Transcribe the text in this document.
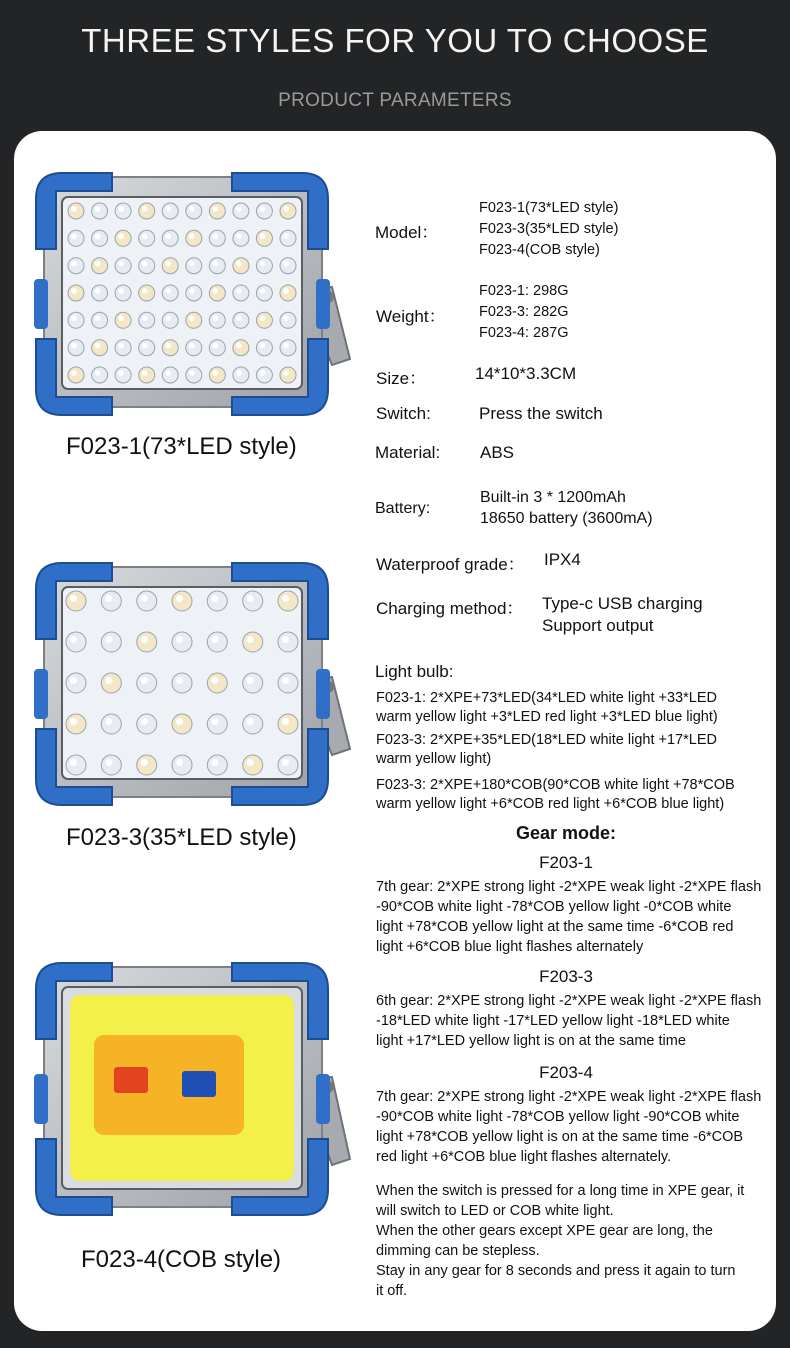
THREE STYLES FOR YOU TO CHOOSE
PRODUCT PARAMETERS
F023-1(73*LED style)
F023-3(35*LED style)
F023-4(COB style)
Model：
F023-1(73*LED style)
F023-3(35*LED style)
F023-4(COB style)
Weight：
F023-1: 298G
F023-3: 282G
F023-4: 287G
Size：	14*10*3.3CM
Switch:	Press the switch
Material: ABS
Battery:
Built-in 3 * 1200mAh
18650 battery (3600mA)
Waterproof grade： IPX4
Charging method： Type-c USB charging
Support output
Light bulb:
F023-1: 2*XPE+73*LED(34*LED white light +33*LED
warm yellow light +3*LED red light +3*LED blue light)
F023-3: 2*XPE+35*LED(18*LED white light +17*LED
warm yellow light)
F023-3: 2*XPE+180*COB(90*COB white light +78*COB
warm yellow light +6*COB red light +6*COB blue light)
Gear mode:
F203-1
7th gear: 2*XPE strong light -2*XPE weak light -2*XPE flash
-90*COB white light -78*COB yellow light -0*COB white
light +78*COB yellow light at the same time -6*COB red
light +6*COB blue light flashes alternately
F203-3
6th gear: 2*XPE strong light -2*XPE weak light -2*XPE flash
-18*LED white light -17*LED yellow light -18*LED white
light +17*LED yellow light is on at the same time
F203-4
7th gear: 2*XPE strong light -2*XPE weak light -2*XPE flash
-90*COB white light -78*COB yellow light -90*COB white
light +78*COB yellow light is on at the same time -6*COB
red light +6*COB blue light flashes alternately.
When the switch is pressed for a long time in XPE gear, it
will switch to LED or COB white light.
When the other gears except XPE gear are long, the
dimming can be stepless.
Stay in any gear for 8 seconds and press it again to turn
it off.
